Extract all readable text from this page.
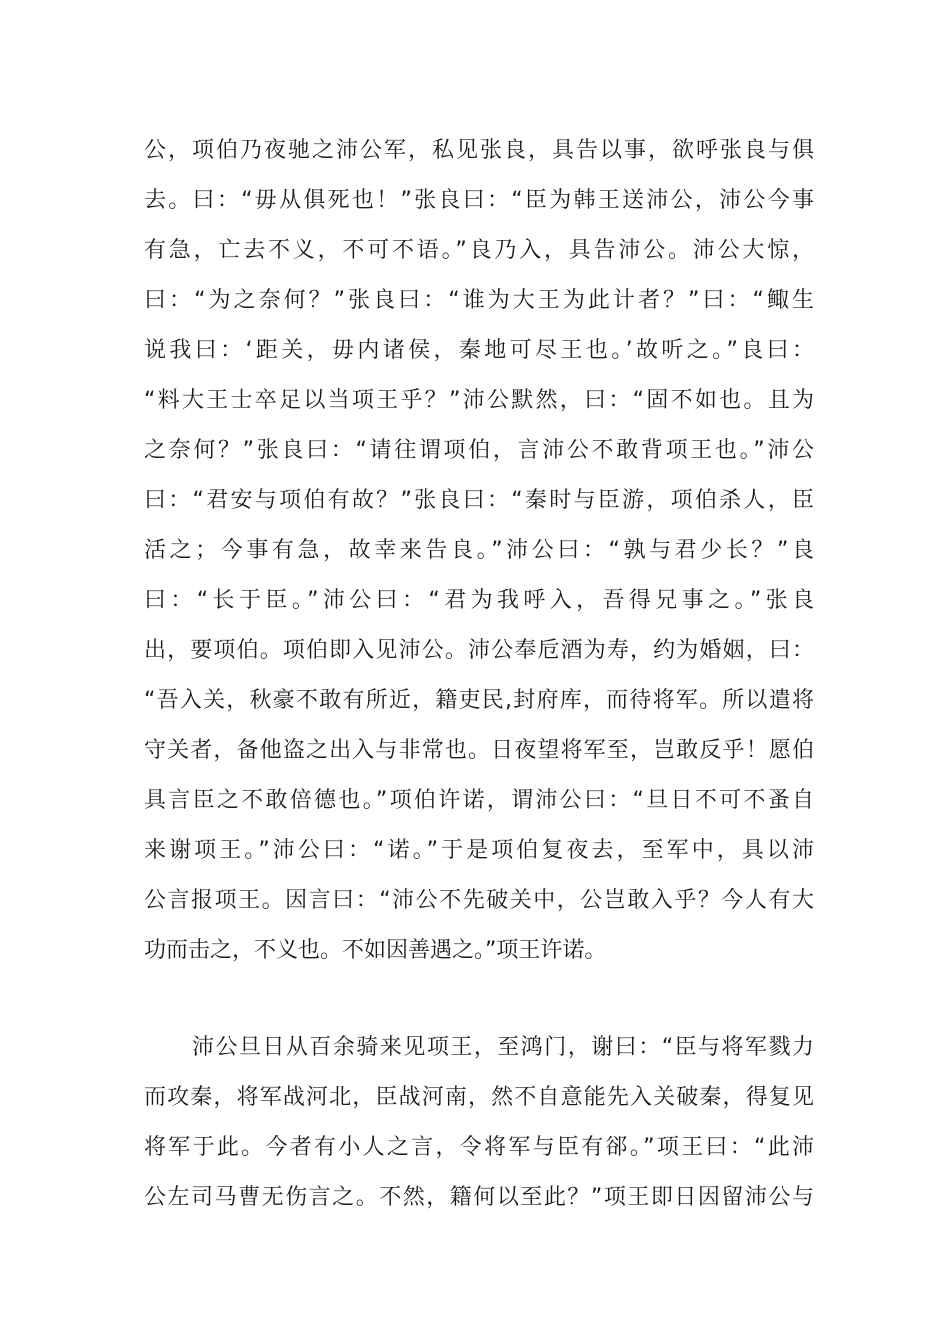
公，项伯乃夜驰之沛公军，私见张良，具告以事，欲呼张良与俱
去。曰：“毋从俱死也！”张良曰：“臣为韩王送沛公，沛公今事
有急，亡去不义，不可不语。”良乃入，具告沛公。沛公大惊，
曰：“为之奈何？”张良曰：“谁为大王为此计者？”曰：“鲰生
说我曰：‘距关，毋内诸侯，秦地可尽王也。’故听之。”良曰：
“料大王士卒足以当项王乎？”沛公默然，曰：“固不如也。且为
之奈何？”张良曰：“请往谓项伯，言沛公不敢背项王也。”沛公
曰：“君安与项伯有故？”张良曰：“秦时与臣游，项伯杀人，臣
活之；今事有急，故幸来告良。”沛公曰：“孰与君少长？”良
曰：“长于臣。”沛公曰：“君为我呼入，吾得兄事之。”张良
出，要项伯。项伯即入见沛公。沛公奉卮酒为寿，约为婚姻，曰：
“吾入关，秋豪不敢有所近，籍吏民,封府库，而待将军。所以遣将
守关者，备他盗之出入与非常也。日夜望将军至，岂敢反乎！愿伯
具言臣之不敢倍德也。”项伯许诺，谓沛公曰：“旦日不可不蚤自
来谢项王。”沛公曰：“诺。”于是项伯复夜去，至军中，具以沛
公言报项王。因言曰：“沛公不先破关中，公岂敢入乎？今人有大
功而击之，不义也。不如因善遇之。”项王许诺。
沛公旦日从百余骑来见项王，至鸿门，谢曰：“臣与将军戮力
而攻秦，将军战河北，臣战河南，然不自意能先入关破秦，得复见
将军于此。今者有小人之言，令将军与臣有郤。”项王曰：“此沛
公左司马曹无伤言之。不然，籍何以至此？”项王即日因留沛公与
